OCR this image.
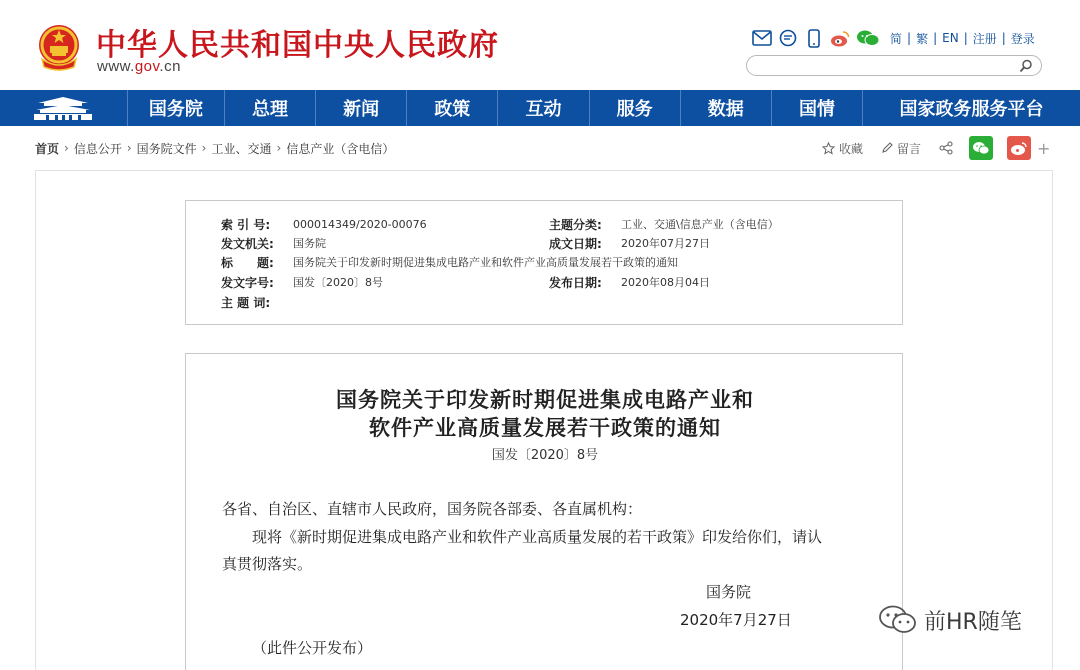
中华人民共和国中央人民政府
www.gov.cn
简 | 繁 | EN | 注册 | 登录
国务院	总理	新闻	政策	互动	服务	数据	国情	国家政务服务平台
首页 › 信息公开 › 国务院文件 › 工业、交通 › 信息产业（含电信）	收藏	留言	+
索 引 号:	000014349/2020-00076	主题分类:	工业、交通\信息产业（含电信）
发文机关:	国务院	成文日期:	2020年07月27日
标　　题:	国务院关于印发新时期促进集成电路产业和软件产业高质量发展若干政策的通知
发文字号:	国发〔2020〕8号	发布日期:	2020年08月04日
主 题 词:
国务院关于印发新时期促进集成电路产业和
软件产业高质量发展若干政策的通知
国发〔2020〕8号
各省、自治区、直辖市人民政府，国务院各部委、各直属机构：
现将《新时期促进集成电路产业和软件产业高质量发展的若干政策》印发给你们，请认
真贯彻落实。
国务院
2020年7月27日
（此件公开发布）
前HR随笔
